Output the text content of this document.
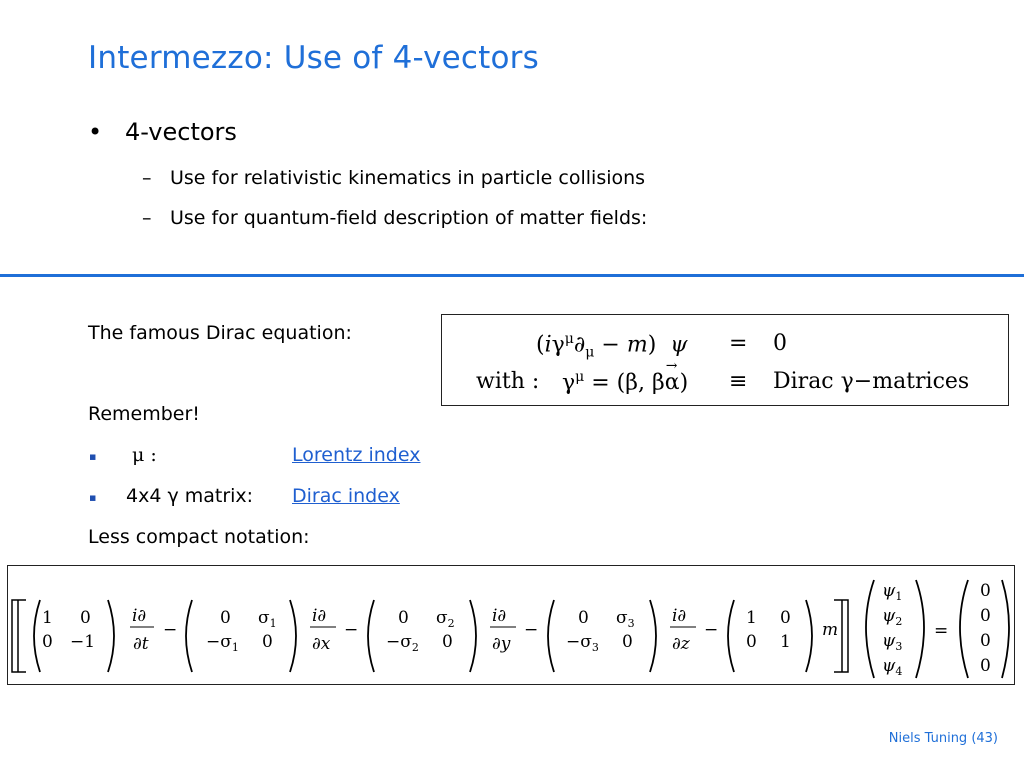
Intermezzo: Use of 4-vectors
• 4-vectors
– Use for relativistic kinematics in particle collisions
– Use for quantum-field description of matter fields:
The famous Dirac equation:	$(i\gamma^\mu\partial_\mu - m) \psi = 0$
with : $\gamma^\mu = (\beta$, βα
→
) ≡ Dirac γ−matrices
Remember!
▪ μ :	Lorentz index
▪ 4x4 γ matrix: Dirac index
Less compact notation:
1 0
0 −1
i∂
∂t
−
0 $\sigma_1$
$-\sigma_1$ 0
i∂
∂x
−
0 $\sigma_2$
$-\sigma_2$ 0
i∂
∂y
−
0 $\sigma_3$
$-\sigma_3$ 0
i∂
∂z
−
1 0
0 1
m
$\psi_1$
$\psi_2$
$\psi_3$
$\psi_4$
=
0
0
0
0
Niels Tuning (43)
